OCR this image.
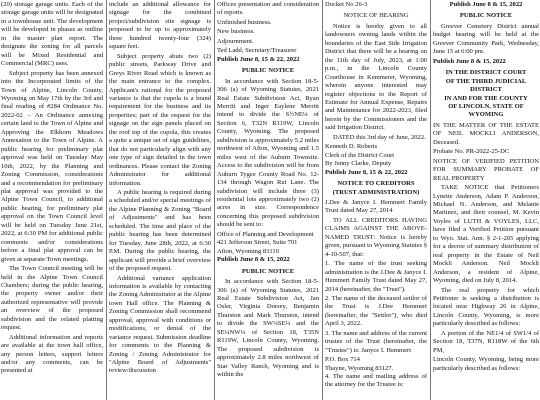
(20) storage garage units. Each of the storage garage units will be designated in a townhouse unit. The development will be developed in phases as outline in the master plan report. The designate the zoning for all parcels will be Mixed Residential and Commercial (MRC) uses.

Subject property has been annexed into the Incorporated limits of the Town of Alpine, Lincoln County, Wyoming on May 17th by the 3rd and final reading of #284 Ordinance No. 2022-02 – An Ordinance annexing certain land to the Town of Alpine and Approving the Elkhorn Meadows Annexation to the Town of Alpine. A public hearing for preliminary plat approval was held on Tuesday May 10th, 2022, by the Planning and Zoning Commission, considerations and a recommendation for preliminary plat approval was provided to the Alpine Town Council, to additional public hearing, for preliminary plat approval on the Town Council level will be held on Tuesday June 21st, 2022, at 6:30 PM for additional public comments and/or considerations before a final plat approval can be given at separate Town meetings.

The Town Council meeting will be held in the Alpine Town Council Chambers; during the public hearing, the property owner and/or their authorized representative will provide an overview of the proposed subdivision and the related platting request.

Additional information and reports are available at the town hall office, any person letters, support letters and/or any comments, can be presented at

include an additional allowance for signage for the combined project/subdivision site signage is proposed to be up to approximately three hundred twenty-four (324) square feet.

Subject property abuts two (2) public streets, Parkway Drive and Greys River Road which is known as the main entrance to the complex. Applicant's rational for the proposed variance is that the cupola is a brand requirement for the business and its properties; part of the request for the signage on the sign panels placed on the roof top of the cupola, this creates a quite a unique set of sign guidelines, that do not particularly align with any one type of sign detailed in the town ordinances. Please contact the Zoning Administrator for additional information.

A public hearing is required during a scheduled and/or special meetings of the Alpine Planning & Zoning "Board of Adjustments" and has been scheduled. The time and place of the public hearing has been determined for Tuesday, June 28th, 2022, at 6:30 P.M. During the public hearing, the applicant will provide a brief overview of the proposed request.

Additional variance application information is available by contacting the Zoning Administrator at the Alpine town Hall office. The Planning & Zoning Commission shall recommend approval, approval with conditions or modifications, or denial of the variance request. Submission deadline for comments to the Planning & Zoning / Zoning Administrator for "Alpine Board of Adjustments" review/discussion

Offices presentation and consideration of reports.

Unfinished business.

New business.

Adjournment.

Ted Ladd, Secretary/Treasurer

Publish June 8, 15 & 22, 2022

PUBLIC NOTICE

In accordance with Section 18-5-306 (a) of Wyoming Statutes, 2021 Real Estate Subdivision Act, Ryan Merritt and Inger Eaylene Merritt intend to divide the S½NE¼ of Section 6, T32N R119W, Lincoln County, Wyoming. The proposed subdivision is approximately 5.2 miles northwest of Afton, Wyoming and 1.5 miles west of the Auburn Townsite. Access to the subdivision will be from Auburn Tygee County Road No. 12-134 through Wagon Rut Lane. The subdivision will include three (3) residential lots approximately two (2) acres in size. Correspondence concerning this proposed subdivision should be sent to:

Office of Planning and Development

421 Jefferson Street, Suite 701

Afton, Wyoming 83110

Publish June 8 & 15, 2022

PUBLIC NOTICE

In accordance with Section 18-5-306 (a) of Wyoming Statutes, 2021 Real Estate Subdivision Act, Jan Osler, Virginia Dorsey, Benjamin Thurston and Mark Thurston, intend to divide the SW¼SE¼ and the SE¼NW¼ of Section 18, T35N R119W, Lincoln County, Wyoming. The proposed subdivision is approximately 2.8 miles northwest of Star Valley Ranch, Wyoming and is within the

Docket No 26-3

NOTICE OF HEARING

Notice is hereby given to all landowners owning lands within the boundaries of the East Side Irrigation District that there will be a hearing on the 11th day of July, 2023, at 1:00 p.m., in the Lincoln County Courthouse in Kemmerer, Wyoming, wherein anyone interested may register objections to the Report of Estimate for Annual Expense, Repairs and Maintenance for 2022-2023, filed herein by the Commissioners and the said Irrigation District.

DATED this 3rd day of June, 2022.

Kenneth D. Roberts

Clerk of the District Court

By Jenny Clarke, Deputy

Publish June 8, 15 & 22, 2022

NOTICE TO CREDITORS (TRUST ADMINISTRATION)

J.Dee & Janyce I. Hemmert Family Trust dated May 27, 2014

TO ALL CREDITORS HAVING CLAIMS AGAINST THE ABOVE-NAMED TRUST: Notice is hereby given, pursuant to Wyoming Statutes § 4-10-507, that:

1. The name of the trust seeking administration is the J.Dee & Janyce I. Hemmert Family Trust dated May 27, 2014 (hereinafter, the "Trust").

2. The name of the deceased settlor of the Trust is J.Dee Hemmert (hereinafter, the "Settlor"), who died April 3, 2022.

3. The name and address of the current trustee of the Trust (hereinafter, the "Trustee") is: Janyce I. Hemmert

P.O. Box 714

Thayne, Wyoming 83127.

4. The name and mailing address of the attorney for the Trustee is:

Publish June 8 & 15, 2022

PUBLIC NOTICE

Greever Cemetery District annual budget hearing will be held at the Greever Community Park, Wednesday, June 15 at 6:00 pm.

Publish June 8 & 15, 2022

IN THE DISTRICT COURT
OF THE THIRD JUDICIAL
DISTRICT
IN AND FOR THE COUNTY
OF LINCOLN, STATE OF
WYOMING

IN THE MATTER OF THE ESTATE OF NEIL MOCKLI ANDERSON, Deceased.

Probate No. PR-2022-25-DC

NOTICE OF VERIFIED PETITION FOR SUMMARY PROBATE OF REAL PROPERTY

TAKE NOTICE that Petitioners Lynette Anderson, Adam P. Anderson, Michael N. Anderson, and Melanie Martinez, and their counsel, M. Kevin Voyles of LUTH & VOYLES, LLC, have filed a Verified Petition pursuant to Wyo. Stat. Ann. § 2-1-205 applying for a decree of summary distribution of real property in the Estate of Neil Mockli Anderson. Neil Mockli Anderson, a resident of Alpine, Wyoming, died on July 8, 2014.

The real property for which Petitioner is seeking a distribution is located near Highway 26 in Alpine, Lincoln County, Wyoming, is more particularly described as follows:

A portion of the NE1/4 of SW1/4 of Section 18, T37N, R118W of the 6th PM,

Lincoln County, Wyoming, being more particularly described as follows:
